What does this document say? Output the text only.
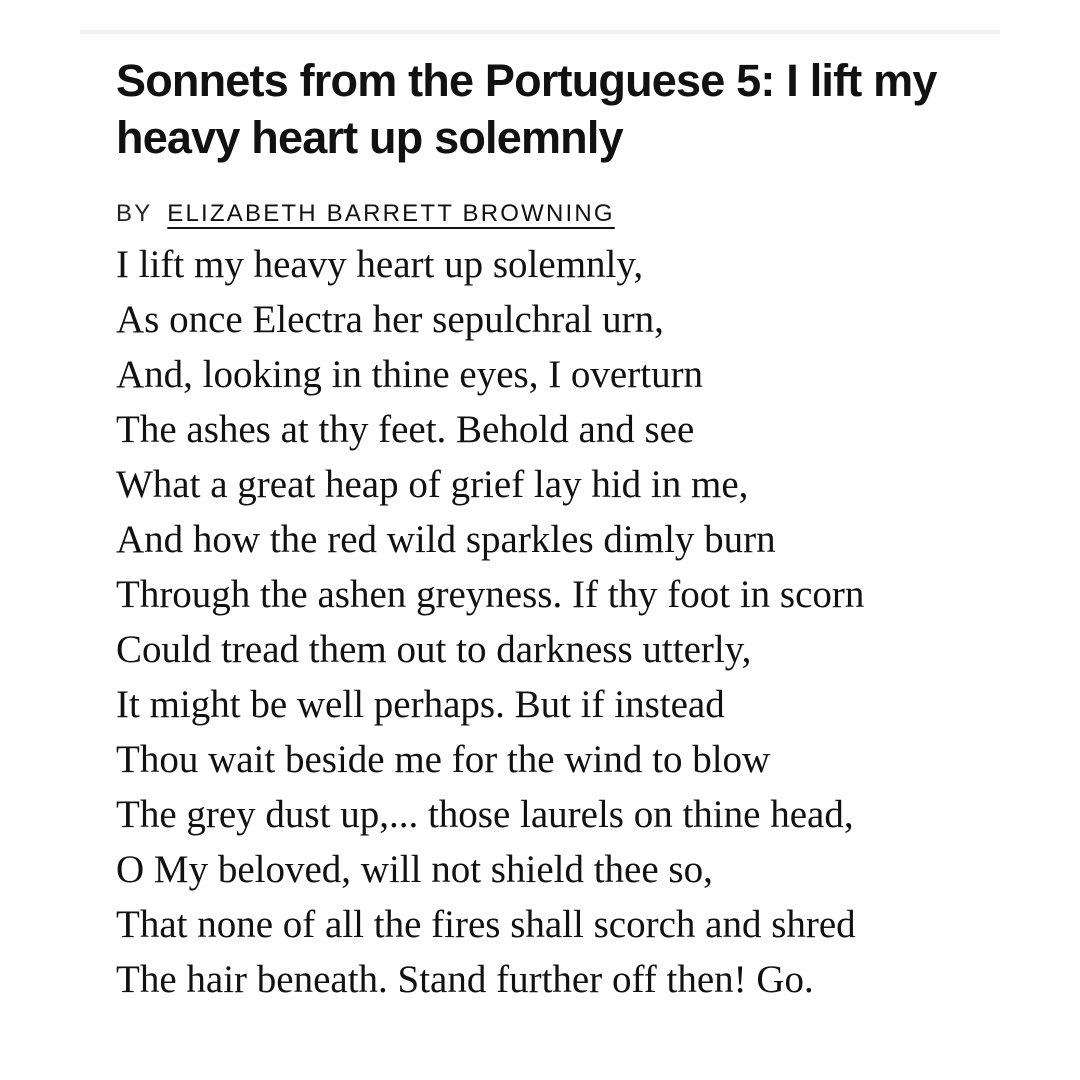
Sonnets from the Portuguese 5: I lift my heavy heart up solemnly
BY ELIZABETH BARRETT BROWNING
I lift my heavy heart up solemnly,
As once Electra her sepulchral urn,
And, looking in thine eyes, I overturn
The ashes at thy feet. Behold and see
What a great heap of grief lay hid in me,
And how the red wild sparkles dimly burn
Through the ashen greyness. If thy foot in scorn
Could tread them out to darkness utterly,
It might be well perhaps. But if instead
Thou wait beside me for the wind to blow
The grey dust up,... those laurels on thine head,
O My beloved, will not shield thee so,
That none of all the fires shall scorch and shred
The hair beneath. Stand further off then! Go.
